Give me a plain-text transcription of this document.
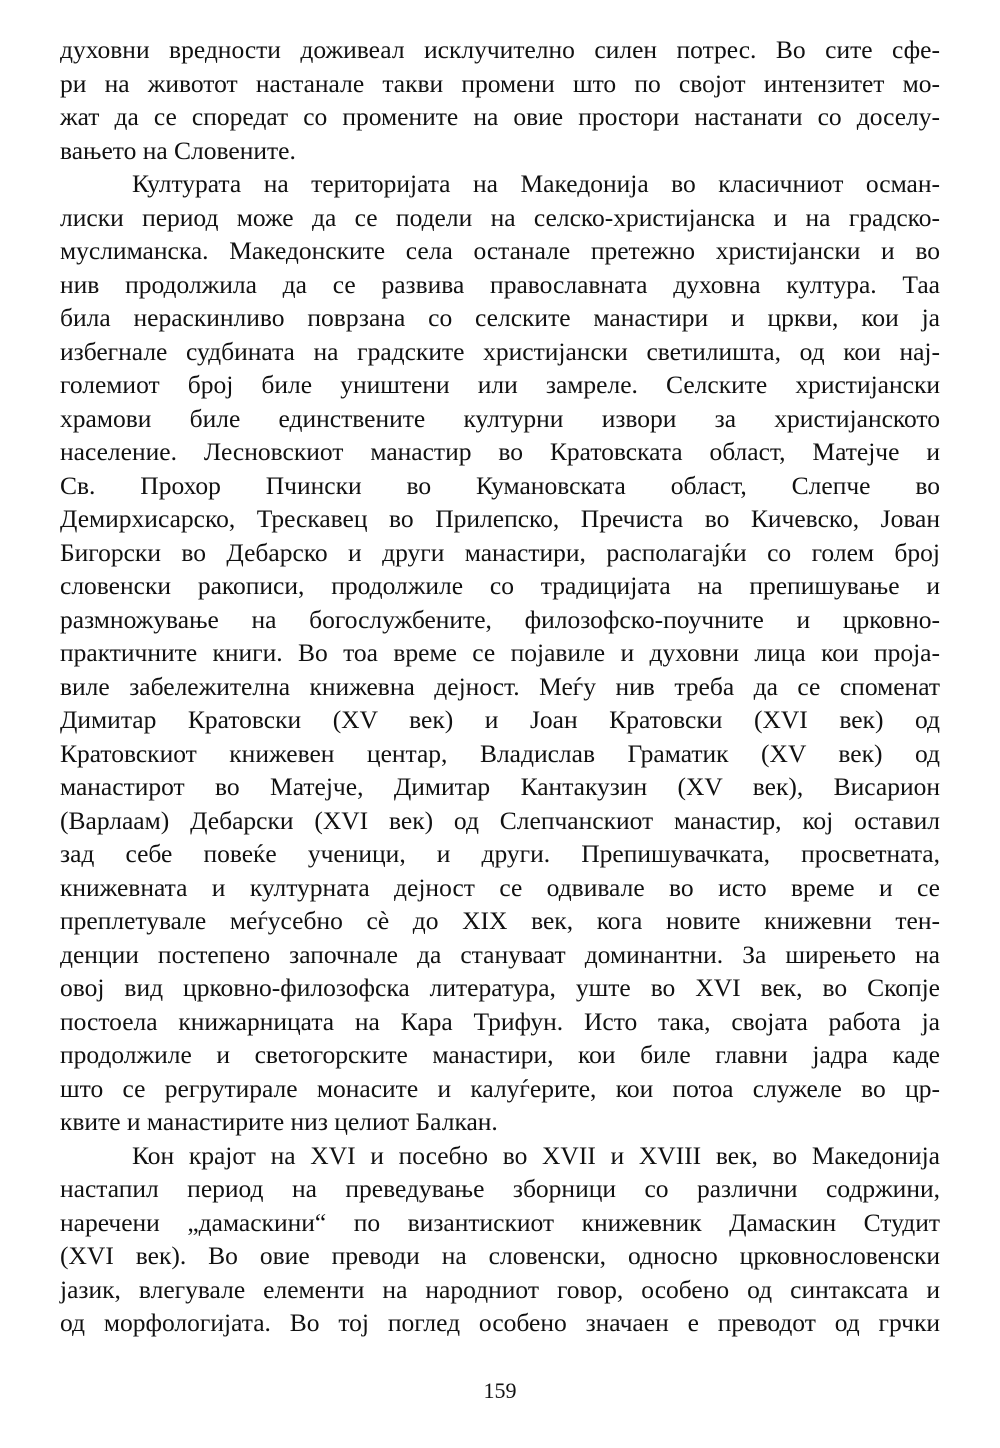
духовни вредности доживеал исклучително силен потрес. Во сите сфе-
ри на животот настанале такви промени што по својот интензитет мо-
жат да се споредат со промените на овие простори настанати со доселу-
вањето на Словените.
Културата на територијата на Македонија во класичниот осман-
лиски период може да се подели на селско-христијанска и на градско-
муслиманска. Македонските села останале претежно христијански и во
нив продолжила да се развива православната духовна култура. Таа
била нераскинливо поврзана со селските манастири и цркви, кои ја
избегнале судбината на градските христијански светилишта, од кои нај-
големиот број биле уништени или замреле. Селските христијански
храмови биле единствените културни извори за христијанското
население. Лесновскиот манастир во Кратовската област, Матејче и
Св. Прохор Пчински во Кумановската област, Слепче во
Демирхисарско, Трескавец во Прилепско, Пречиста во Кичевско, Јован
Бигорски во Дебарско и други манастири, располагајќи со голем број
словенски ракописи, продолжиле со традицијата на препишување и
размножување на богослужбените, филозофско-поучните и црковно-
практичните книги. Во тоа време се појавиле и духовни лица кои проја-
виле забележителна книжевна дејност. Меѓу нив треба да се споменат
Димитар Кратовски (XV век) и Јоан Кратовски (XVI век) од
Кратовскиот книжевен центар, Владислав Граматик (XV век) од
манастирот во Матејче, Димитар Кантакузин (XV век), Висарион
(Варлаам) Дебарски (XVI век) од Слепчанскиот манастир, кој оставил
зад себе повеќе ученици, и други. Препишувачката, просветната,
книжевната и културната дејност се одвивале во исто време и се
преплетувале меѓусебно сè до XIX век, кога новите книжевни тен-
денции постепено започнале да стануваат доминантни. За ширењето на
овој вид црковно-филозофска литература, уште во XVI век, во Скопје
постоела книжарницата на Кара Трифун. Исто така, својата работа ја
продолжиле и светогорските манастири, кои биле главни јадра каде
што се регрутирале монасите и калуѓерите, кои потоа служеле во цр-
квите и манастирите низ целиот Балкан.
Кон крајот на XVI и посебно во XVII и XVIII век, во Македонија
настапил период на преведување зборници со различни содржини,
наречени „дамаскини“ по византискиот книжевник Дамаскин Студит
(XVI век). Во овие преводи на словенски, односно црковнословенски
јазик, влегувале елементи на народниот говор, особено од синтаксата и
од морфологијата. Во тој поглед особено значаен е преводот од грчки
159
